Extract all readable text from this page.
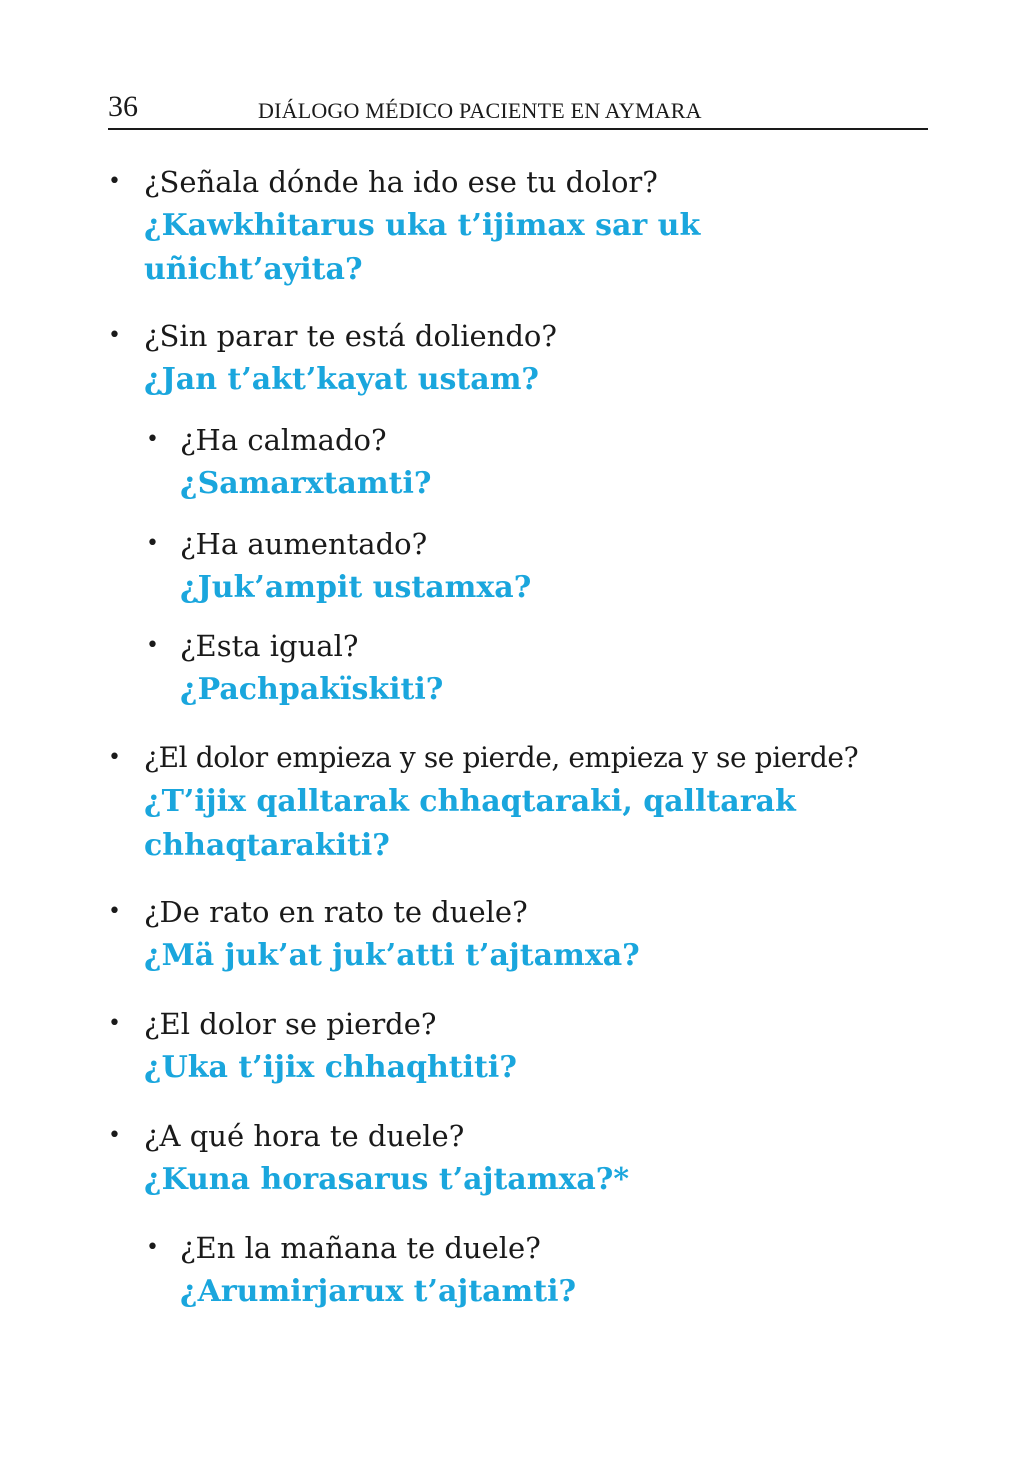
36	DIÁLOGO MÉDICO PACIENTE EN AYMARA
• ¿Señala dónde ha ido ese tu dolor?
¿Kawkhitarus uka t’ijimax sar uk
uñicht’ayita?
• ¿Sin parar te está doliendo?
¿Jan t’akt’kayat ustam?
• ¿Ha calmado?
¿Samarxtamti?
• ¿Ha aumentado?
¿Juk’ampit ustamxa?
• ¿Esta igual?
¿Pachpakïskiti?
• ¿El dolor empieza y se pierde, empieza y se pierde?
¿T’ijix qalltarak chhaqtaraki, qalltarak
chhaqtarakiti?
• ¿De rato en rato te duele?
¿Mä juk’at juk’atti t’ajtamxa?
• ¿El dolor se pierde?
¿Uka t’ijix chhaqhtiti?
• ¿A qué hora te duele?
¿Kuna horasarus t’ajtamxa?*
• ¿En la mañana te duele?
¿Arumirjarux t’ajtamti?
